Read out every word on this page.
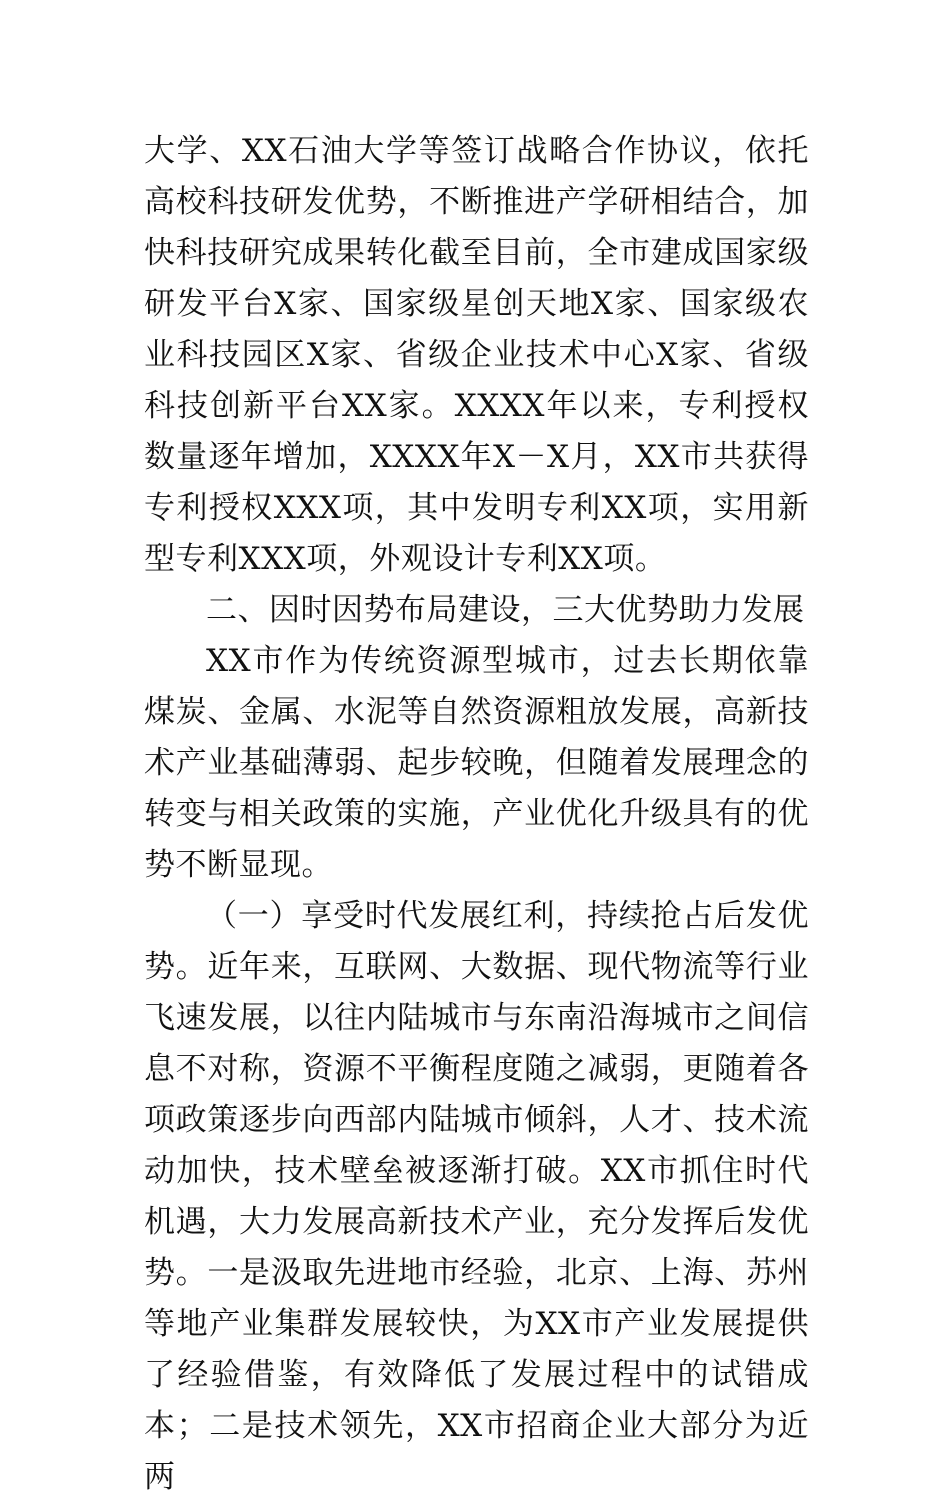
大学、XX石油大学等签订战略合作协议，依托高校科技研发优势，不断推进产学研相结合，加快科技研究成果转化截至目前，全市建成国家级研发平台X家、国家级星创天地X家、国家级农业科技园区X家、省级企业技术中心X家、省级科技创新平台XX家。XXXX年以来，专利授权数量逐年增加，XXXX年X－X月，XX市共获得专利授权XXX项，其中发明专利XX项，实用新型专利XXX项，外观设计专利XX项。

二、因时因势布局建设，三大优势助力发展

XX市作为传统资源型城市，过去长期依靠煤炭、金属、水泥等自然资源粗放发展，高新技术产业基础薄弱、起步较晚，但随着发展理念的转变与相关政策的实施，产业优化升级具有的优势不断显现。

（一）享受时代发展红利，持续抢占后发优势。近年来，互联网、大数据、现代物流等行业飞速发展，以往内陆城市与东南沿海城市之间信息不对称，资源不平衡程度随之减弱，更随着各项政策逐步向西部内陆城市倾斜，人才、技术流动加快，技术壁垒被逐渐打破。XX市抓住时代机遇，大力发展高新技术产业，充分发挥后发优势。一是汲取先进地市经验，北京、上海、苏州等地产业集群发展较快，为XX市产业发展提供了经验借鉴，有效降低了发展过程中的试错成本；二是技术领先，XX市招商企业大部分为近两
